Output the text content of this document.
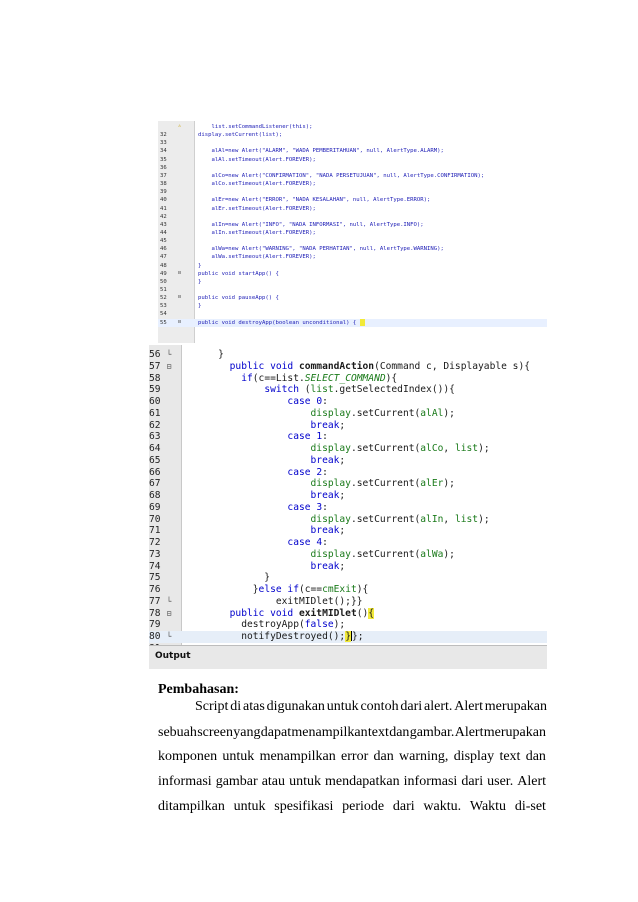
⚠	list.setCommandListener(this);
32	display.setCurrent(list);
33
34	alAl=new Alert("ALARM", "WADA PEMBERITAHUAN", null, AlertType.ALARM);
35	alAl.setTimeout(Alert.FOREVER);
36
37	alCo=new Alert("CONFIRMATION", "NADA PERSETUJUAN", null, AlertType.CONFIRMATION);
38	alCo.setTimeout(Alert.FOREVER);
39
40	alEr=new Alert("ERROR", "NADA KESALAHAN", null, AlertType.ERROR);
41	alEr.setTimeout(Alert.FOREVER);
42
43	alIn=new Alert("INFO", "NADA INFORMASI", null, AlertType.INFO);
44	alIn.setTimeout(Alert.FOREVER);
45
46	alWa=new Alert("WARNING", "NADA PERHATIAN", null, AlertType.WARNING);
47	alWa.setTimeout(Alert.FOREVER);
48	}
49	⊟	public void startApp() {
50	}
51
52	⊟	public void pauseApp() {
53	}
54
55	⊟	public void destroyApp(boolean unconditional) {
56 └ }
57 ⊟	public void commandAction(Command c, Displayable s){
58	if(c==List.SELECT_COMMAND){
59	switch (list.getSelectedIndex()){
60	case 0:
61	display.setCurrent(alAl);
62	break;
63	case 1:
64	display.setCurrent(alCo, list);
65	break;
66	case 2:
67	display.setCurrent(alEr);
68	break;
69	case 3:
70	display.setCurrent(alIn, list);
71	break;
72	case 4:
73	display.setCurrent(alWa);
74	break;
75	}
76	}else if(c==cmExit){
77 └ exitMIDlet();}}
78 ⊟	public void exitMIDlet(){
79	destroyApp(false);
80 └ notifyDestroyed();}};
Output
Pembahasan:
Script di atas digunakan untuk contoh dari alert. Alert merupakan
sebuah screen yang dapat menampilkan text dan gambar. Alert merupakan
komponen untuk menampilkan error dan warning, display text dan
informasi gambar atau untuk mendapatkan informasi dari user. Alert
ditampilkan untuk spesifikasi periode dari waktu. Waktu di-set
